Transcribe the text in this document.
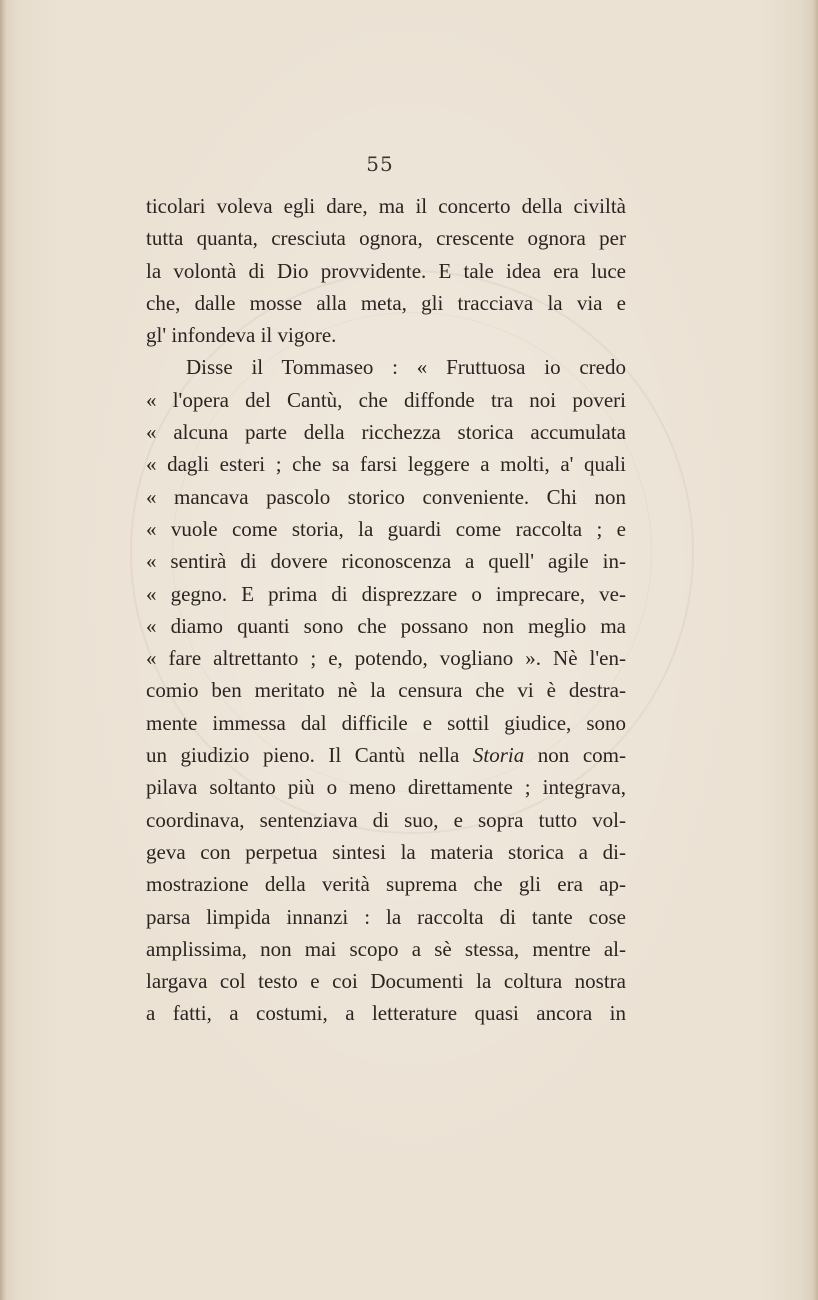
55
ticolari voleva egli dare, ma il concerto della civiltà
tutta quanta, cresciuta ognora, crescente ognora per
la volontà di Dio provvidente. E tale idea era luce
che, dalle mosse alla meta, gli tracciava la via e
gl' infondeva il vigore.
Disse il Tommaseo : « Fruttuosa io credo
« l'opera del Cantù, che diffonde tra noi poveri
« alcuna parte della ricchezza storica accumulata
« dagli esteri ; che sa farsi leggere a molti, a' quali
« mancava pascolo storico conveniente. Chi non
« vuole come storia, la guardi come raccolta ; e
« sentirà di dovere riconoscenza a quell' agile in-
« gegno. E prima di disprezzare o imprecare, ve-
« diamo quanti sono che possano non meglio ma
« fare altrettanto ; e, potendo, vogliano ». Nè l'en-
comio ben meritato nè la censura che vi è destra-
mente immessa dal difficile e sottil giudice, sono
un giudizio pieno. Il Cantù nella Storia non com-
pilava soltanto più o meno direttamente ; integrava,
coordinava, sentenziava di suo, e sopra tutto vol-
geva con perpetua sintesi la materia storica a di-
mostrazione della verità suprema che gli era ap-
parsa limpida innanzi : la raccolta di tante cose
amplissima, non mai scopo a sè stessa, mentre al-
largava col testo e coi Documenti la coltura nostra
a fatti, a costumi, a letterature quasi ancora in
